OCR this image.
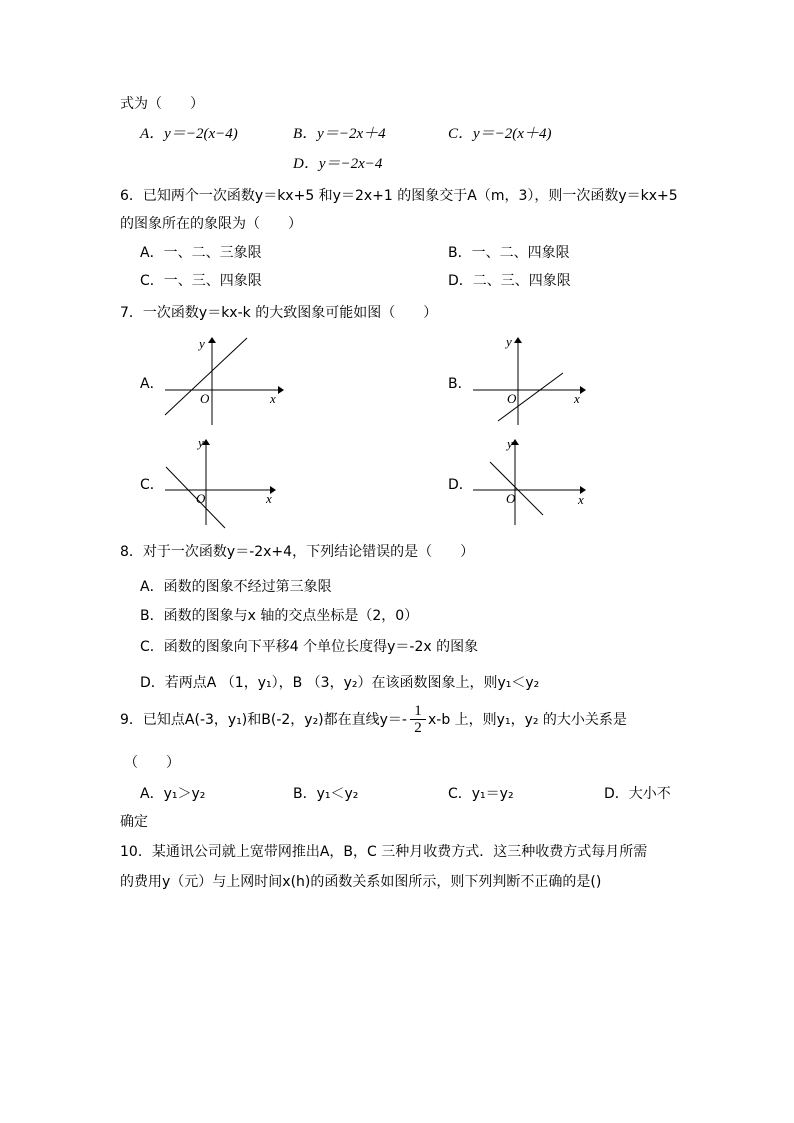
式为（　　）
A．y＝−2(x−4)	B．y＝−2x＋4	C．y＝−2(x＋4)
D．y＝−2x−4
6．已知两个一次函数y＝kx+5 和y＝2x+1 的图象交于A（m，3），则一次函数y＝kx+5
的图象所在的象限为（　　）
A．一、二、三象限	B．一、二、四象限
C．一、三、四象限	D．二、三、四象限
7．一次函数y＝kx-k 的大致图象可能如图（　　）
A．
y
x
O
B．
y
x
O
C．
y
x
O
D．
y
x
O
8．对于一次函数y＝-2x+4，下列结论错误的是（　　）
A．函数的图象不经过第三象限
B．函数的图象与x 轴的交点坐标是（2，0）
C．函数的图象向下平移4 个单位长度得y＝-2x 的图象
D．若两点A （1，y₁），B （3，y₂）在该函数图象上，则y₁＜y₂
9．已知点A(-3，y₁)和B(-2，y₂)都在直线$y=- \frac{1}{2} x-b$ 上，则y₁，y₂ 的大小关系是
（　　）
A．y₁＞y₂	B．y₁＜y₂	C．y₁＝y₂	D．大小不
确定
10．某通讯公司就上宽带网推出A，B，C 三种月收费方式．这三种收费方式每月所需
的费用y（元）与上网时间x(h)的函数关系如图所示，则下列判断不正确的是()
